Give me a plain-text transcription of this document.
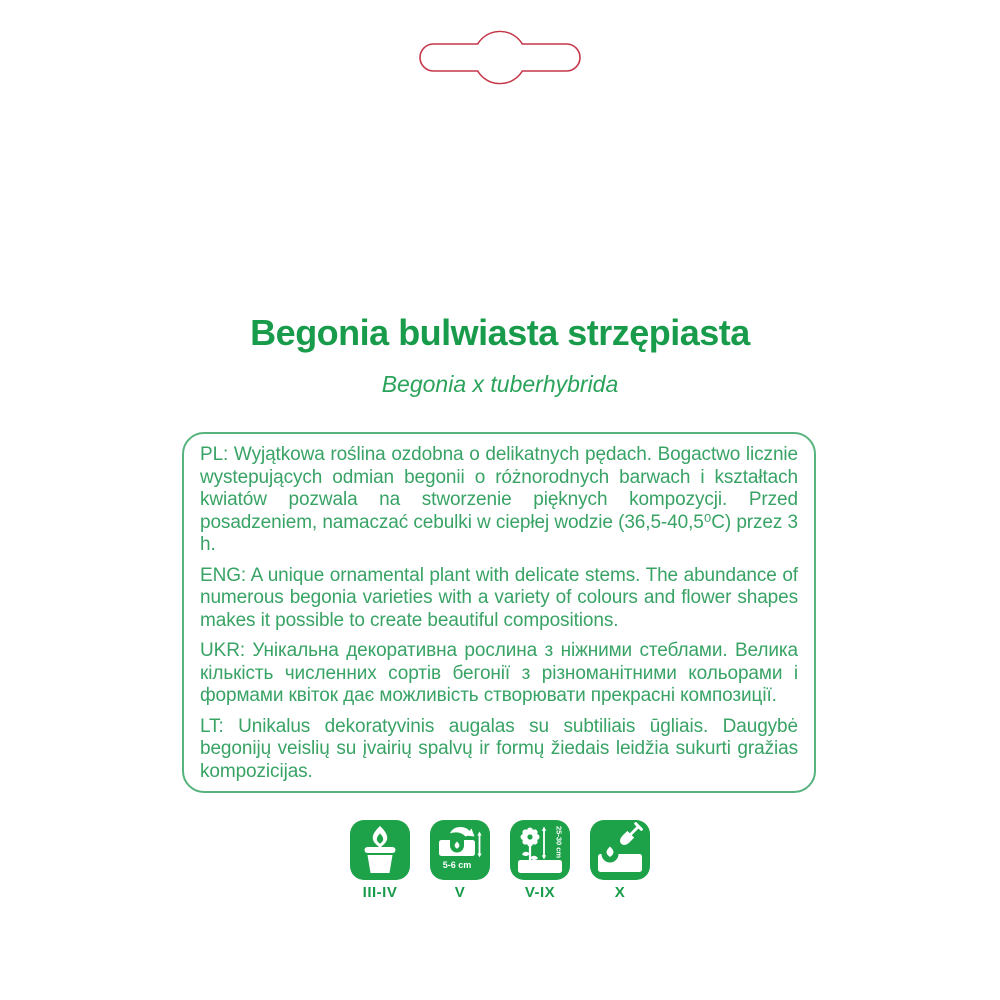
Begonia bulwiasta strzępiasta
Begonia x tuberhybrida

PL: Wyjątkowa roślina ozdobna o delikatnych pędach. Bogactwo licznie wystepujących odmian begonii o różnorodnych barwach i kształtach kwiatów pozwala na stworzenie pięknych kompozycji. Przed posadzeniem, namaczać cebulki w ciepłej wodzie (36,5-40,5⁰C) przez 3 h.

ENG: A unique ornamental plant with delicate stems. The abundance of numerous begonia varieties with a variety of colours and flower shapes makes it possible to create beautiful compositions.

UKR: Унікальна декоративна рослина з ніжними стеблами. Велика кількість численних сортів бегонії з різноманітними кольорами і формами квіток дає можливість створювати прекрасні композиції.

LT: Unikalus dekoratyvinis augalas su subtiliais ūgliais. Daugybė begonijų veislių su įvairių spalvų ir formų žiedais leidžia sukurti gražias kompozicijas.

III-IV
5-6 cm
V
25-30 cm
V-IX	X
